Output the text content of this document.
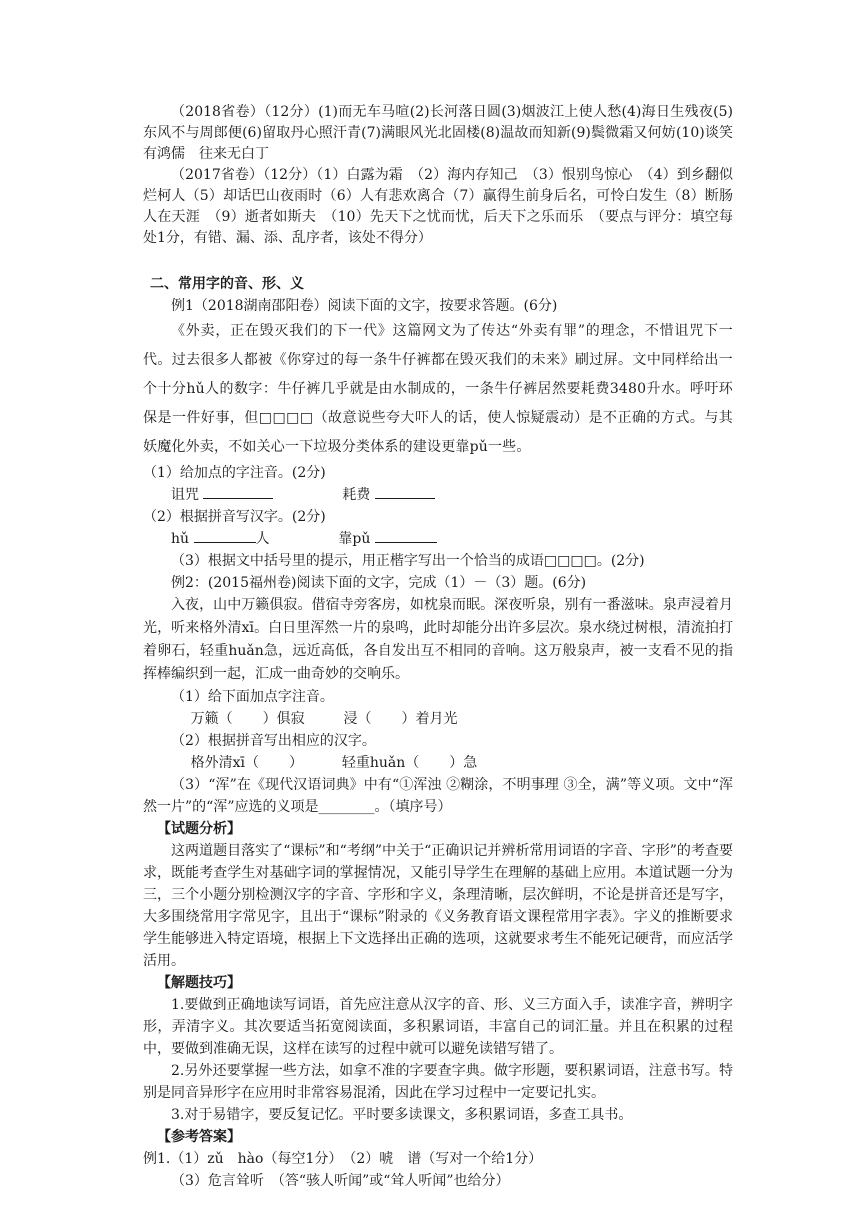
（2018省卷）（12分）(1)而无车马喧(2)长河落日圆(3)烟波江上使人愁(4)海日生残夜(5)东风不与周郎便(6)留取丹心照汗青(7)满眼风光北固楼(8)温故而知新(9)鬓微霜又何妨(10)谈笑有鸿儒　往来无白丁

（2017省卷）（12分）（1）白露为霜　（2）海内存知己　（3）恨别鸟惊心　（4）到乡翻似烂柯人（5）却话巴山夜雨时（6）人有悲欢离合（7）赢得生前身后名，可怜白发生（8）断肠人在天涯　（9）逝者如斯夫　（10）先天下之忧而忧，后天下之乐而乐　（要点与评分：填空每处1分，有错、漏、添、乱序者，该处不得分）

二、常用字的音、形、义

例1（2018湖南邵阳卷）阅读下面的文字，按要求答题。(6分)

《外卖，正在毁灭我们的下一代》这篇网文为了传达“外卖有罪”的理念，不惜诅咒下一代。过去很多人都被《你穿过的每一条牛仔裤都在毁灭我们的未来》刷过屏。文中同样给出一个十分hǔ人的数字：牛仔裤几乎就是由水制成的，一条牛仔裤居然要耗费3480升水。呼吁环保是一件好事，但□□□□（故意说些夸大吓人的话，使人惊疑震动）是不正确的方式。与其妖魔化外卖，不如关心一下垃圾分类体系的建设更靠pǔ一些。

（1）给加点的字注音。(2分)

诅咒	耗费

（2）根据拼音写汉字。(2分)

hǔ	人	靠pǔ

（3）根据文中括号里的提示，用正楷字写出一个恰当的成语□□□□。(2分)

例2：(2015福州卷)阅读下面的文字，完成（1）－（3）题。(6分)

入夜，山中万籁俱寂。借宿寺旁客房，如枕泉而眠。深夜听泉，别有一番滋味。泉声浸着月光，听来格外清xī。白日里浑然一片的泉鸣，此时却能分出许多层次。泉水绕过树根，清流拍打着卵石，轻重huǎn急，远近高低，各自发出互不相同的音响。这万般泉声，被一支看不见的指挥棒编织到一起，汇成一曲奇妙的交响乐。

（1）给下面加点字注音。

万籁（ ）俱寂	浸（ ）着月光

（2）根据拼音写出相应的汉字。

格外清xī（ ）  轻重huǎn（ ）急

（3）“浑”在《现代汉语词典》中有“①浑浊 ②糊涂，不明事理 ③全，满”等义项。文中“浑然一片”的“浑”应选的义项是________。（填序号）

【试题分析】

这两道题目落实了“课标”和“考纲”中关于“正确识记并辨析常用词语的字音、字形”的考查要求，既能考查学生对基础字词的掌握情况，又能引导学生在理解的基础上应用。本道试题一分为三，三个小题分别检测汉字的字音、字形和字义，条理清晰，层次鲜明，不论是拼音还是写字，大多围绕常用字常见字，且出于“课标”附录的《义务教育语文课程常用字表》。字义的推断要求学生能够进入特定语境，根据上下文选择出正确的选项，这就要求考生不能死记硬背，而应活学活用。

【解题技巧】

1.要做到正确地读写词语，首先应注意从汉字的音、形、义三方面入手，读准字音，辨明字形，弄清字义。其次要适当拓宽阅读面，多积累词语，丰富自己的词汇量。并且在积累的过程中，要做到准确无误，这样在读写的过程中就可以避免读错写错了。

2.另外还要掌握一些方法，如拿不准的字要查字典。做字形题，要积累词语，注意书写。特别是同音异形字在应用时非常容易混淆，因此在学习过程中一定要记扎实。

3.对于易错字，要反复记忆。平时要多读课文，多积累词语，多查工具书。

【参考答案】

例1.（1）zǔ　hào（每空1分）　（2）唬　谱（写对一个给1分）

（3）危言耸听　（答“骇人听闻”或“耸人听闻”也给分）
